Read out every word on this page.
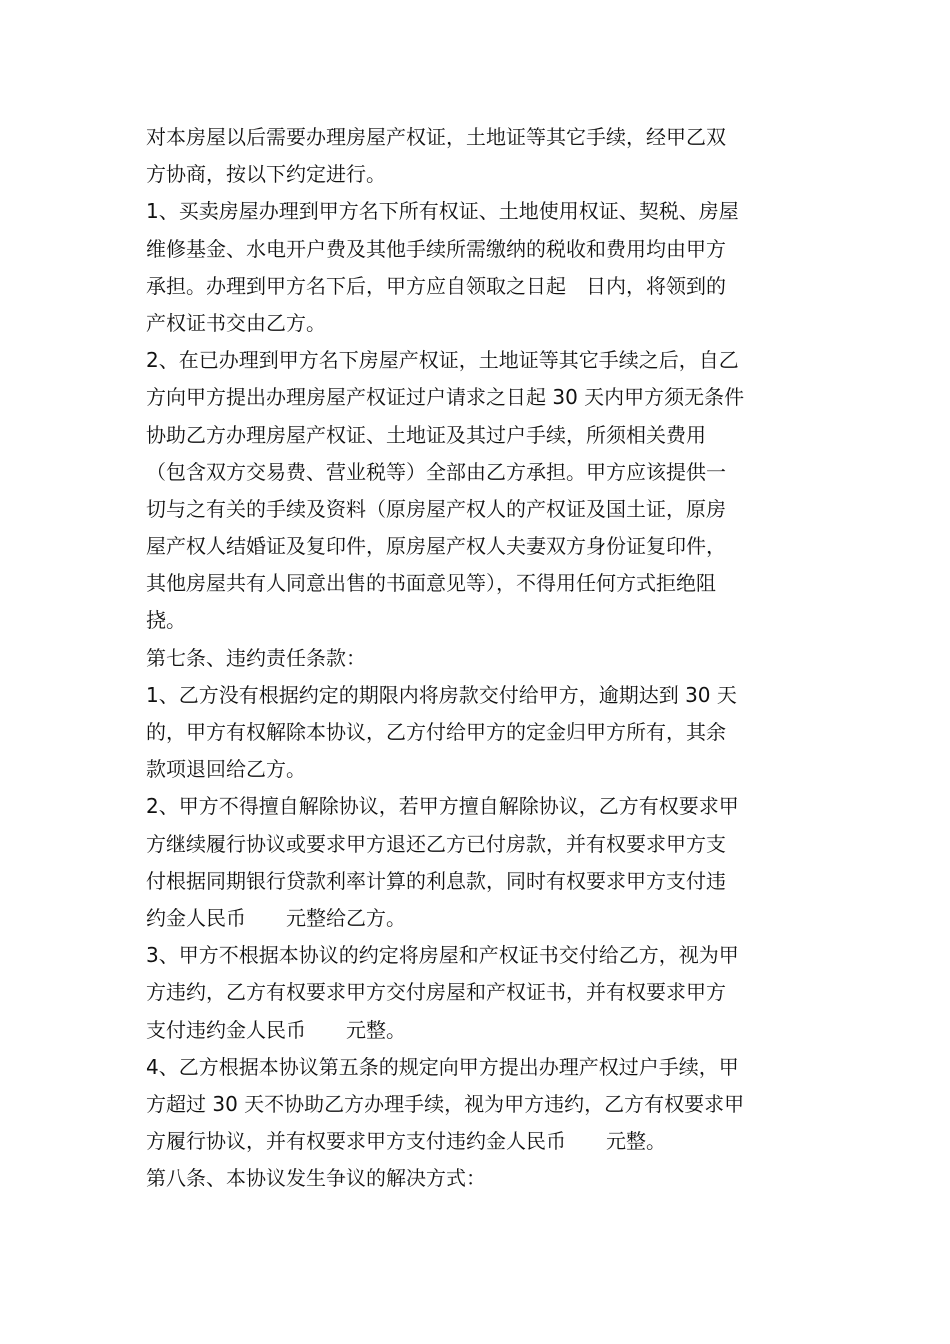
对本房屋以后需要办理房屋产权证，土地证等其它手续，经甲乙双
方协商，按以下约定进行。
1、买卖房屋办理到甲方名下所有权证、土地使用权证、契税、房屋
维修基金、水电开户费及其他手续所需缴纳的税收和费用均由甲方
承担。办理到甲方名下后，甲方应自领取之日起　日内，将领到的
产权证书交由乙方。
2、在已办理到甲方名下房屋产权证，土地证等其它手续之后，自乙
方向甲方提出办理房屋产权证过户请求之日起 30 天内甲方须无条件
协助乙方办理房屋产权证、土地证及其过户手续，所须相关费用
（包含双方交易费、营业税等）全部由乙方承担。甲方应该提供一
切与之有关的手续及资料（原房屋产权人的产权证及国土证，原房
屋产权人结婚证及复印件，原房屋产权人夫妻双方身份证复印件，
其他房屋共有人同意出售的书面意见等），不得用任何方式拒绝阻
挠。
第七条、违约责任条款：
1、乙方没有根据约定的期限内将房款交付给甲方，逾期达到 30 天
的，甲方有权解除本协议，乙方付给甲方的定金归甲方所有，其余
款项退回给乙方。
2、甲方不得擅自解除协议，若甲方擅自解除协议，乙方有权要求甲
方继续履行协议或要求甲方退还乙方已付房款，并有权要求甲方支
付根据同期银行贷款利率计算的利息款，同时有权要求甲方支付违
约金人民币　　元整给乙方。
3、甲方不根据本协议的约定将房屋和产权证书交付给乙方，视为甲
方违约，乙方有权要求甲方交付房屋和产权证书，并有权要求甲方
支付违约金人民币　　元整。
4、乙方根据本协议第五条的规定向甲方提出办理产权过户手续，甲
方超过 30 天不协助乙方办理手续，视为甲方违约，乙方有权要求甲
方履行协议，并有权要求甲方支付违约金人民币　　元整。
第八条、本协议发生争议的解决方式：
